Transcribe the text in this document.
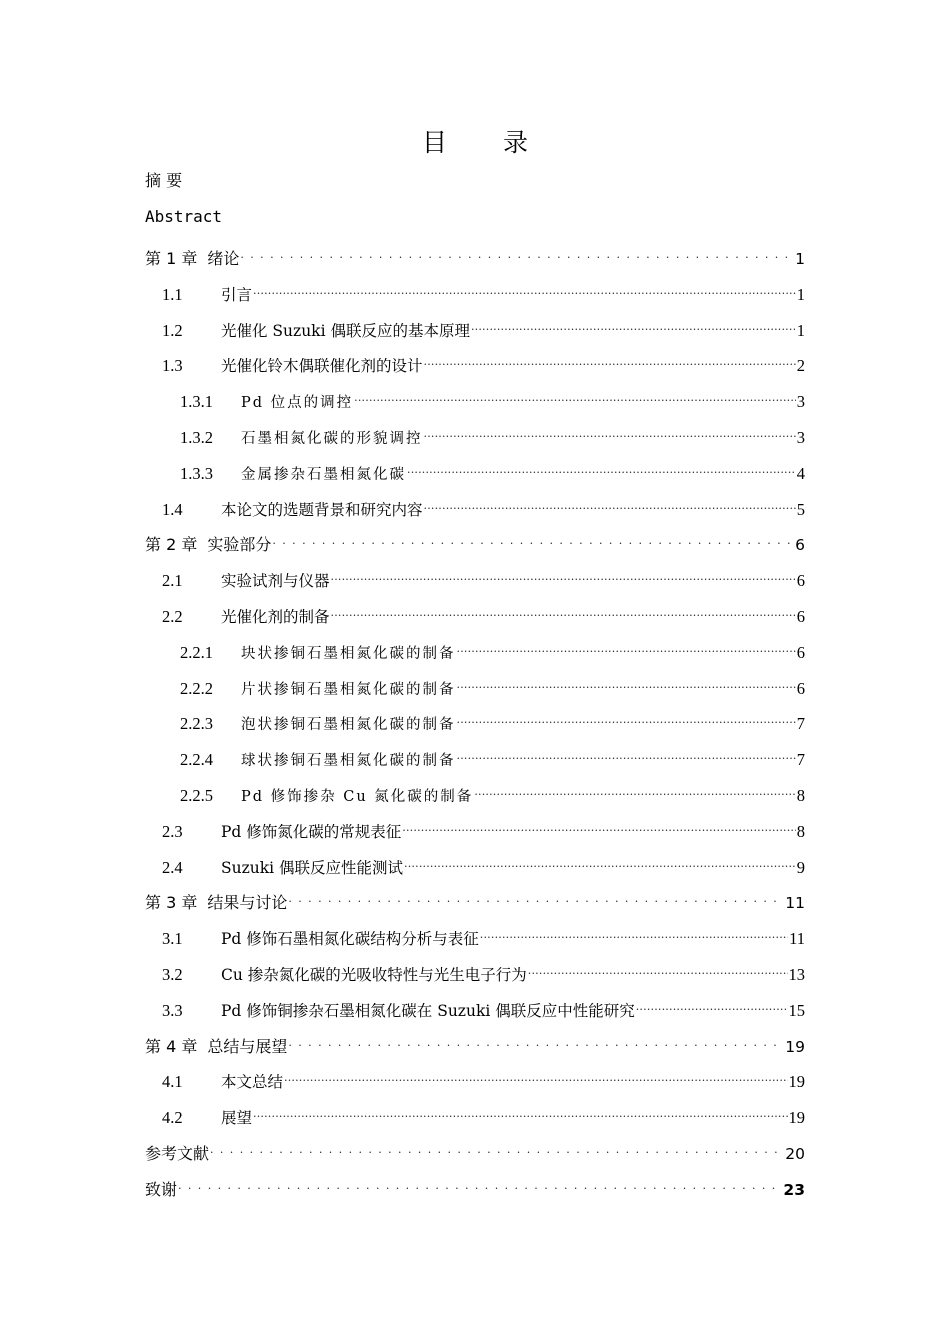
目 录
摘 要
Abstract
第 1 章 绪论 .....	1
1.1	引言 .....	1
1.2	光催化 Suzuki 偶联反应的基本原理 .....	1
1.3	光催化铃木偶联催化剂的设计 .....	2
1.3.1	Pd 位点的调控 .....	3
1.3.2	石墨相氮化碳的形貌调控 .....	3
1.3.3	金属掺杂石墨相氮化碳 .....	4
1.4	本论文的选题背景和研究内容 .....	5
第 2 章 实验部分 .....	6
2.1	实验试剂与仪器 .....	6
2.2	光催化剂的制备 .....	6
2.2.1	块状掺铜石墨相氮化碳的制备 .....	6
2.2.2	片状掺铜石墨相氮化碳的制备 .....	6
2.2.3	泡状掺铜石墨相氮化碳的制备 .....	7
2.2.4	球状掺铜石墨相氮化碳的制备 .....	7
2.2.5	Pd 修饰掺杂 Cu 氮化碳的制备 .....	8
2.3	Pd 修饰氮化碳的常规表征 .....	8
2.4	Suzuki 偶联反应性能测试 .....	9
第 3 章 结果与讨论 .....	11
3.1	Pd 修饰石墨相氮化碳结构分析与表征 .....	11
3.2	Cu 掺杂氮化碳的光吸收特性与光生电子行为 .....	13
3.3	Pd 修饰铜掺杂石墨相氮化碳在 Suzuki 偶联反应中性能研究 .....	15
第 4 章 总结与展望 .....	19
4.1	本文总结 .....	19
4.2	展望 .....	19
参考文献 .....	20
致谢 .....	23
